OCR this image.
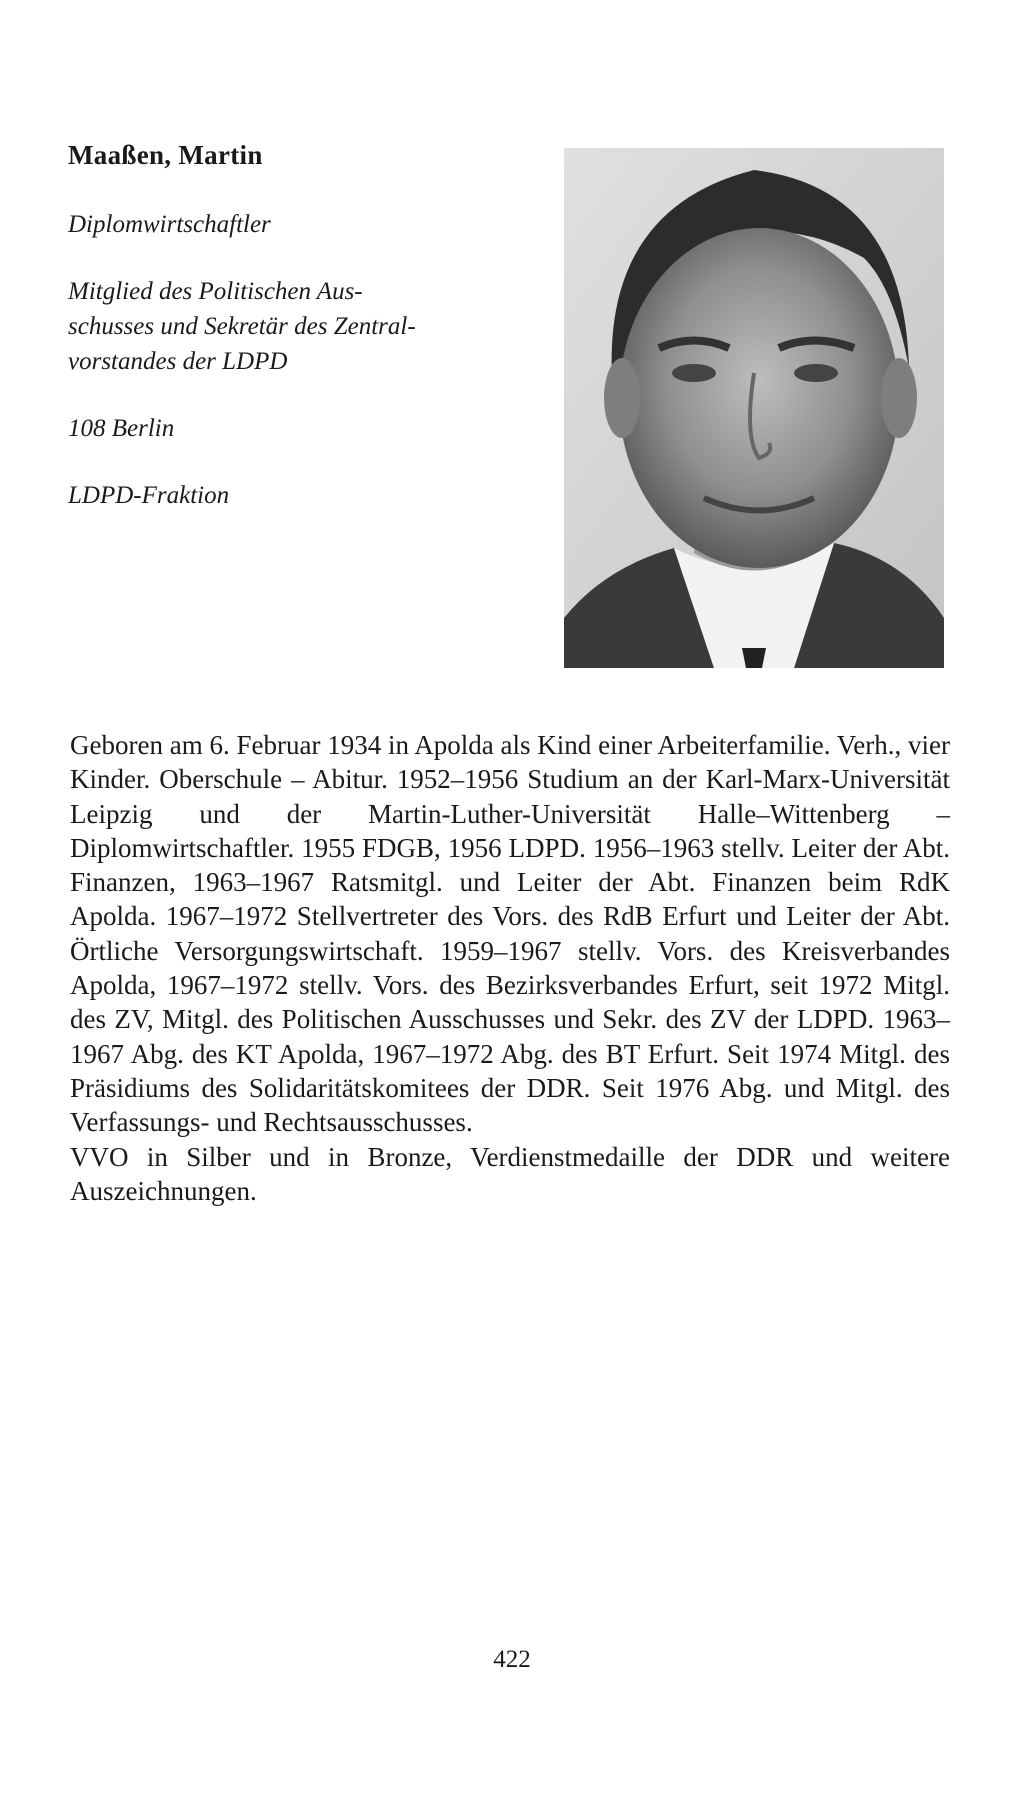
Maaßen, Martin
Diplomwirtschaftler
Mitglied des Politischen Aus-
schusses und Sekretär des Zentral-
vorstandes der LDPD
108 Berlin
LDPD-Fraktion

Geboren am 6. Februar 1934 in Apolda als Kind einer Arbeiterfamilie. Verh., vier Kinder. Oberschule – Abitur. 1952–1956 Studium an der Karl-Marx-Universität Leipzig und der Martin-Luther-Universität Halle–Wittenberg – Diplomwirtschaftler. 1955 FDGB, 1956 LDPD. 1956–1963 stellv. Leiter der Abt. Finanzen, 1963–1967 Ratsmitgl. und Leiter der Abt. Finanzen beim RdK Apolda. 1967–1972 Stellvertreter des Vors. des RdB Erfurt und Leiter der Abt. Örtliche Versorgungswirtschaft. 1959–1967 stellv. Vors. des Kreisverbandes Apolda, 1967–1972 stellv. Vors. des Bezirksverbandes Erfurt, seit 1972 Mitgl. des ZV, Mitgl. des Politischen Ausschusses und Sekr. des ZV der LDPD. 1963–1967 Abg. des KT Apolda, 1967–1972 Abg. des BT Erfurt. Seit 1974 Mitgl. des Präsidiums des Solidaritätskomitees der DDR. Seit 1976 Abg. und Mitgl. des Verfassungs- und Rechtsausschusses.

VVO in Silber und in Bronze, Verdienstmedaille der DDR und weitere Auszeichnungen.

422
